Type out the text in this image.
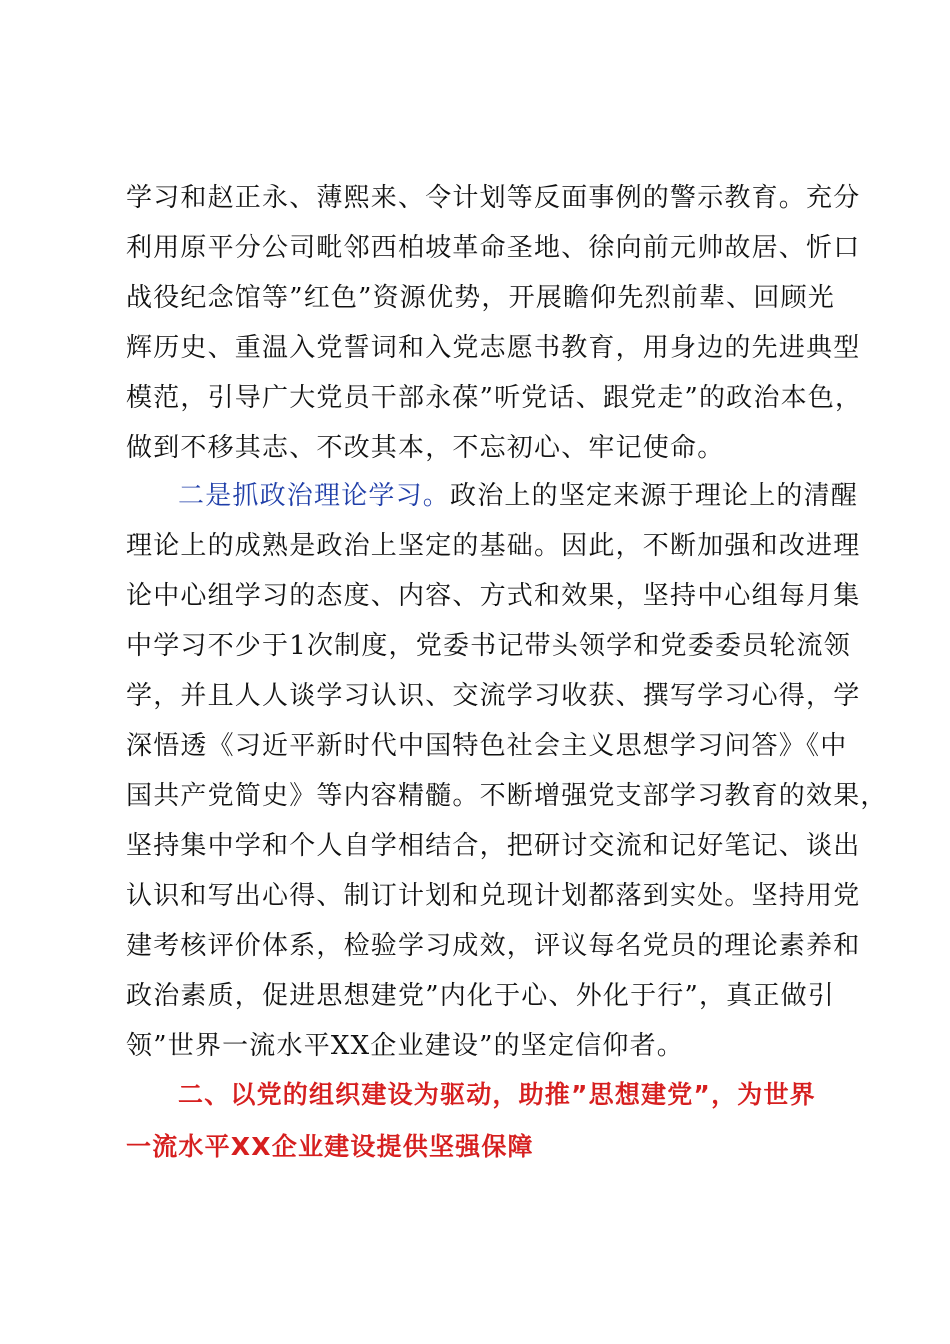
学习和赵正永、薄熙来、令计划等反面事例的警示教育。充分
利用原平分公司毗邻西柏坡革命圣地、徐向前元帅故居、忻口
战役纪念馆等”红色”资源优势，开展瞻仰先烈前辈、回顾光
辉历史、重温入党誓词和入党志愿书教育，用身边的先进典型
模范，引导广大党员干部永葆”听党话、跟党走”的政治本色，
做到不移其志、不改其本，不忘初心、牢记使命。
二是抓政治理论学习。政治上的坚定来源于理论上的清醒
理论上的成熟是政治上坚定的基础。因此，不断加强和改进理
论中心组学习的态度、内容、方式和效果，坚持中心组每月集
中学习不少于1次制度，党委书记带头领学和党委委员轮流领
学，并且人人谈学习认识、交流学习收获、撰写学习心得，学
深悟透《习近平新时代中国特色社会主义思想学习问答》《中
国共产党简史》等内容精髓。不断增强党支部学习教育的效果，
坚持集中学和个人自学相结合，把研讨交流和记好笔记、谈出
认识和写出心得、制订计划和兑现计划都落到实处。坚持用党
建考核评价体系，检验学习成效，评议每名党员的理论素养和
政治素质，促进思想建党”内化于心、外化于行”，真正做引
领”世界一流水平XX企业建设”的坚定信仰者。
二、以党的组织建设为驱动，助推”思想建党”，为世界
一流水平XX企业建设提供坚强保障
